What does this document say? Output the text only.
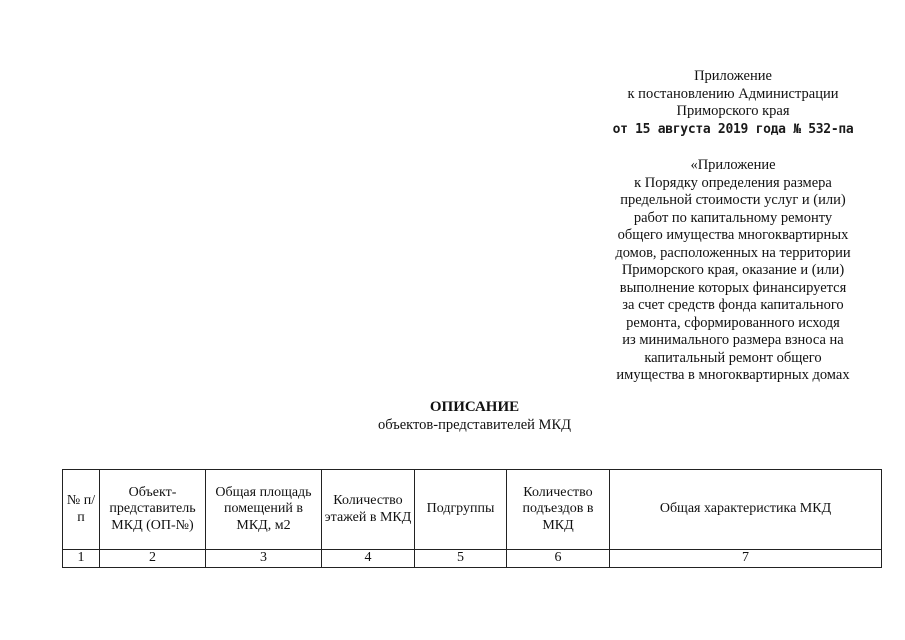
Приложение
к постановлению Администрации
Приморского края
от 15 августа 2019 года № 532-па
«Приложение
к Порядку определения размера
предельной стоимости услуг и (или)
работ по капитальному ремонту
общего имущества многоквартирных
домов, расположенных на территории
Приморского края, оказание и (или)
выполнение которых финансируется
за счет средств фонда капитального
ремонта, сформированного исходя
из минимального размера взноса на
капитальный ремонт общего
имущества в многоквартирных домах
ОПИСАНИЕ
объектов-представителей МКД
№ п/п	Объект-представитель МКД (ОП-№)	Общая площадь помещений в МКД, м2	Количество этажей в МКД	Подгруппы	Количество подъездов в МКД	Общая характеристика МКД
1	2	3	4	5	6	7
